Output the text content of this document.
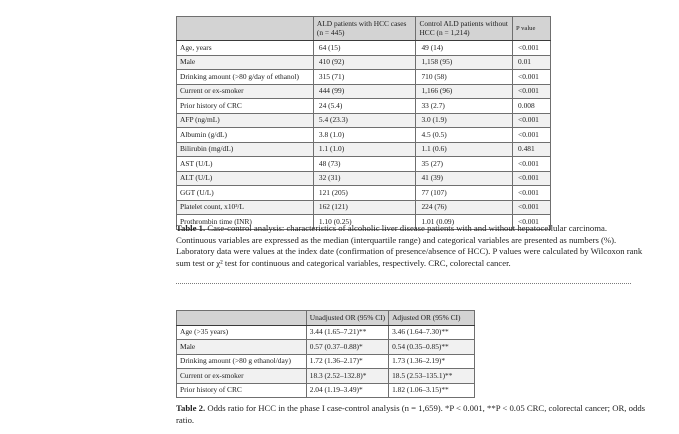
	ALD patients with HCC cases (n = 445)	Control ALD patients without HCC (n = 1,214)	P value
Age, years	64 (15)	49 (14)	<0.001
Male	410 (92)	1,158 (95)	0.01
Drinking amount (>80 g/day of ethanol)	315 (71)	710 (58)	<0.001
Current or ex-smoker	444 (99)	1,166 (96)	<0.001
Prior history of CRC	24 (5.4)	33 (2.7)	0.008
AFP (ng/mL)	5.4 (23.3)	3.0 (1.9)	<0.001
Albumin (g/dL)	3.8 (1.0)	4.5 (0.5)	<0.001
Bilirubin (mg/dL)	1.1 (1.0)	1.1 (0.6)	0.481
AST (U/L)	48 (73)	35 (27)	<0.001
ALT (U/L)	32 (31)	41 (39)	<0.001
GGT (U/L)	121 (205)	77 (107)	<0.001
Platelet count, x10³/L	162 (121)	224 (76)	<0.001
Prothrombin time (INR)	1.10 (0.25)	1.01 (0.09)	<0.001
Table 1. Case-control analysis: characteristics of alcoholic liver disease patients with and without hepatocellular carcinoma. Continuous variables are expressed as the median (interquartile range) and categorical variables are presented as numbers (%). Laboratory data were values at the index date (confirmation of presence/absence of HCC). P values were calculated by Wilcoxon rank sum test or χ² test for continuous and categorical variables, respectively. CRC, colorectal cancer.
	Unadjusted OR (95% CI)	Adjusted OR (95% CI)
Age (>35 years)	3.44 (1.65–7.21)**	3.46 (1.64–7.30)**
Male	0.57 (0.37–0.88)*	0.54 (0.35–0.85)**
Drinking amount (>80 g ethanol/day)	1.72 (1.36–2.17)*	1.73 (1.36–2.19)*
Current or ex-smoker	18.3 (2.52–132.8)*	18.5 (2.53–135.1)**
Prior history of CRC	2.04 (1.19–3.49)*	1.82 (1.06–3.15)**
Table 2. Odds ratio for HCC in the phase I case-control analysis (n = 1,659). *P < 0.001, **P < 0.05 CRC, colorectal cancer; OR, odds ratio.
